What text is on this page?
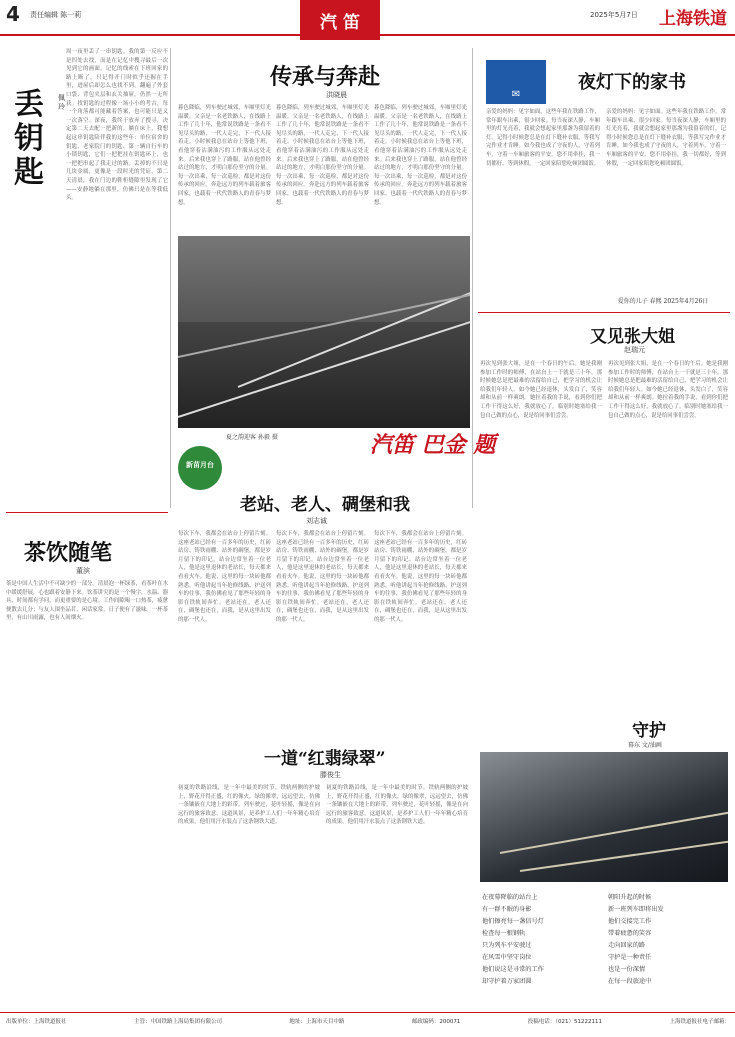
4 责任编辑 陈一莉	汽 笛	2025年5月7日 上海铁道
丢钥匙
佩玲
周一夜里丢了一串钥匙。我的第一反应不是四处去找，而是在记忆中搜寻最后一次见到它的画面。记忆的线索在下班回家的路上断了，只记得开门时似乎还握在手里，进屋后却怎么也找不到。翻遍了外套口袋、背包夹层和玄关抽屉，仍然一无所获。找钥匙的过程像一场小小的考古，每一个角落都可能藏着答案，也可能只是又一次落空。深夜，我终于放弃了搜寻，决定第二天去配一把新的。躺在床上，我想起这串钥匙陪伴我的这些年：单位宿舍的钥匙、老家院门的钥匙、第一辆自行车的小锁钥匙，它们一把把挂在钥匙环上，也一把把串起了我走过的路。丢掉的不只是几块金属，更像是一段时光的凭证。第二天清晨，我在门边的鞋柜缝隙里发现了它——安静地躺在那里，仿佛只是在等我低头。
传承与奔赴
洪晓晨
暮色降临，列车驶过城郊，车厢里灯光温暖。父亲是一名老铁路人，在线路上工作了几十年，他常说铁路是一条看不见尽头的路，一代人走完，下一代人接着走。小时候我总在站台上等他下班，看他穿着沾满油污的工作服从远处走来。后来我也穿上了路服，站在他曾经站过的地方，才明白那份坚守的分量。每一次出乘，每一次巡检，都是对这份传承的回应。奔赴远方的列车载着旅客回家，也载着一代代铁路人的青春与梦想。
暮色降临，列车驶过城郊，车厢里灯光温暖。父亲是一名老铁路人，在线路上工作了几十年，他常说铁路是一条看不见尽头的路，一代人走完，下一代人接着走。小时候我总在站台上等他下班，看他穿着沾满油污的工作服从远处走来。后来我也穿上了路服，站在他曾经站过的地方，才明白那份坚守的分量。每一次出乘，每一次巡检，都是对这份传承的回应。奔赴远方的列车载着旅客回家，也载着一代代铁路人的青春与梦想。
暮色降临，列车驶过城郊，车厢里灯光温暖。父亲是一名老铁路人，在线路上工作了几十年，他常说铁路是一条看不见尽头的路，一代人走完，下一代人接着走。小时候我总在站台上等他下班，看他穿着沾满油污的工作服从远处走来。后来我也穿上了路服，站在他曾经站过的地方，才明白那份坚守的分量。每一次出乘，每一次巡检，都是对这份传承的回应。奔赴远方的列车载着旅客回家，也载着一代代铁路人的青春与梦想。
夏之韵迎客 孙毅 摄	汽笛 巴金 题
新苗月台
老站、老人、碉堡和我
刘志诚
每次下车，我都会在站台上停留片刻。这座老站已经有一百多年的历史，红砖站房、铸铁雨棚、站外的碉堡，都是岁月留下的印记。站台边常坐着一位老人，他是这里退休的老站长，每天都来看看火车。他说，这里的每一块砖他都熟悉。听他讲起当年抢修线路、护送列车的往事，我仿佛看见了那些年轻的身影在铁轨间奔忙。老站还在，老人还在，碉堡也还在，而我，是从这里出发的那一代人。
每次下车，我都会在站台上停留片刻。这座老站已经有一百多年的历史，红砖站房、铸铁雨棚、站外的碉堡，都是岁月留下的印记。站台边常坐着一位老人，他是这里退休的老站长，每天都来看看火车。他说，这里的每一块砖他都熟悉。听他讲起当年抢修线路、护送列车的往事，我仿佛看见了那些年轻的身影在铁轨间奔忙。老站还在，老人还在，碉堡也还在，而我，是从这里出发的那一代人。
每次下车，我都会在站台上停留片刻。这座老站已经有一百多年的历史，红砖站房、铸铁雨棚、站外的碉堡，都是岁月留下的印记。站台边常坐着一位老人，他是这里退休的老站长，每天都来看看火车。他说，这里的每一块砖他都熟悉。听他讲起当年抢修线路、护送列车的往事，我仿佛看见了那些年轻的身影在铁轨间奔忙。老站还在，老人还在，碉堡也还在，而我，是从这里出发的那一代人。
茶饮随笔
董滨
茶是中国人生活中不可缺少的一部分。清晨泡一杯绿茶，看茶叶在水中缓缓舒展，心也跟着安静下来。饮茶讲究的是一个慢字，水温、器具、时间都有学问，而更重要的是心境。工作间隙喝一口热茶，疲惫便散去几分；与友人围坐品茗，闲话家常，日子便有了滋味。一杯茶里，有山川雨露，也有人间烟火。
一道“红翡绿翠”
滕俊生
初夏的铁路沿线，是一年中最美的时节。铁轨两侧的护坡上，野花开得正盛，红的像火，绿的像翠，远远望去，仿佛一条镶嵌在大地上的彩带。列车驶过，花叶轻摇，像是在向远行的旅客致意。这道风景，是养护工人们一年年精心培育的成果，他们用汗水装点了这条钢铁大道。
初夏的铁路沿线，是一年中最美的时节。铁轨两侧的护坡上，野花开得正盛，红的像火，绿的像翠，远远望去，仿佛一条镶嵌在大地上的彩带。列车驶过，花叶轻摇，像是在向远行的旅客致意。这道风景，是养护工人们一年年精心培育的成果，他们用汗水装点了这条钢铁大道。
✉
夜灯下的家书
亲爱的妈妈：见字如面。这些年我在铁路工作，常年跟车出乘，很少回家。每当夜深人静，车厢里的灯光亮着，我就会想起家里那盏为我留着的灯。记得小时候您总是在灯下缝补衣服，等我写完作业才肯睡。如今我也成了守夜的人，守着列车，守着一车厢旅客的平安。您不用牵挂，我一切都好，等到休假，一定回家陪您吃顿团圆饭。
亲爱的妈妈：见字如面。这些年我在铁路工作，常年跟车出乘，很少回家。每当夜深人静，车厢里的灯光亮着，我就会想起家里那盏为我留着的灯。记得小时候您总是在灯下缝补衣服，等我写完作业才肯睡。如今我也成了守夜的人，守着列车，守着一车厢旅客的平安。您不用牵挂，我一切都好，等到休假，一定回家陪您吃顿团圆饭。
爱你的儿子 春熙 2025年4月26日
又见张大姐
赵瑞元
再次见到张大姐，是在一个春日的午后。她是我刚参加工作时的师傅，在站台上一干就是三十年。那时候她总是把最难的活留给自己，把学习的机会让给我们年轻人。如今她已经退休，头发白了，笑容却和从前一样爽朗。她拉着我的手说，看到你们把工作干得这么好，我就放心了。临别时她塞给我一包自己做的点心，说是给同事们尝尝。
再次见到张大姐，是在一个春日的午后。她是我刚参加工作时的师傅，在站台上一干就是三十年。那时候她总是把最难的活留给自己，把学习的机会让给我们年轻人。如今她已经退休，头发白了，笑容却和从前一样爽朗。她拉着我的手说，看到你们把工作干得这么好，我就放心了。临别时她塞给我一包自己做的点心，说是给同事们尝尝。
守护
幕东 文/油画
在夜幕降临的站台上
有一群不眠的身影
他们擦亮每一盏信号灯
检查每一根钢轨
只为列车平安驶过
在风雪中坚守岗位
他们说这是寻常的工作
却守护着万家团圆
朝阳升起的时候
新一班列车即将出发
他们交接完工作
带着疲惫的笑容
走向回家的路
守护是一种责任
也是一份深情
在每一段旅途中
出版单位：上海铁道报社	主管：中国铁路上海局集团有限公司	地址：上海市天目中路	邮政编码：200071	投稿电话：（021）51222111	上海铁道报社电子邮箱：
